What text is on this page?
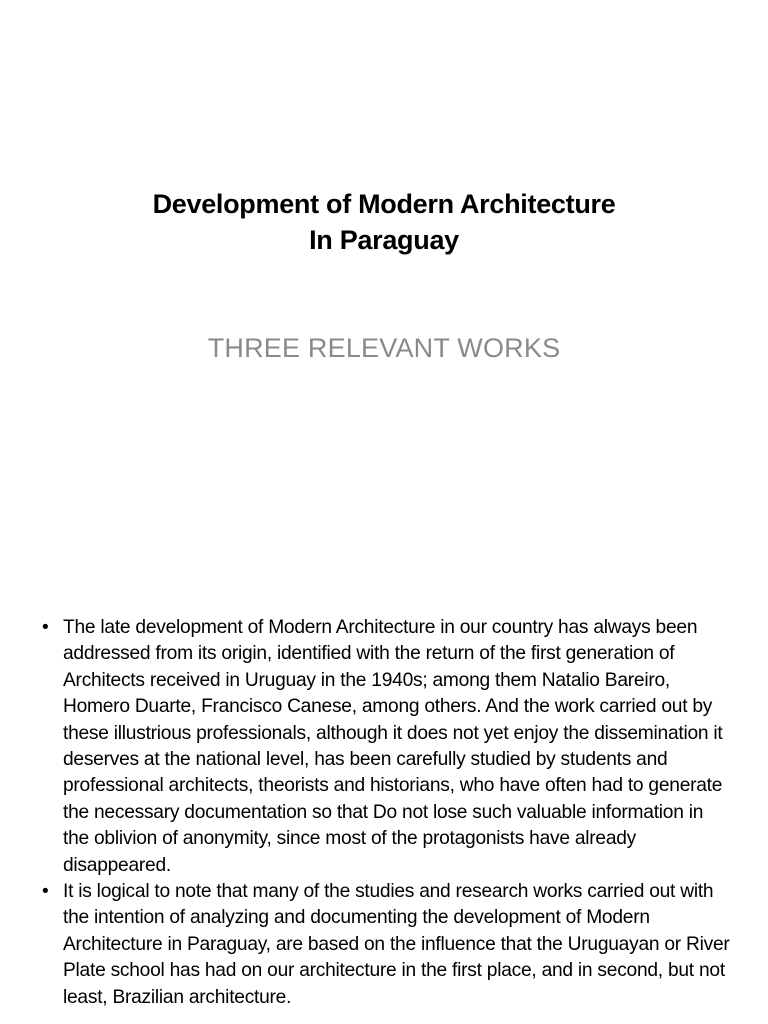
Development of Modern Architecture
In Paraguay
THREE RELEVANT WORKS
• The late development of Modern Architecture in our country has always been addressed from its origin, identified with the return of the first generation of Architects received in Uruguay in the 1940s; among them Natalio Bareiro, Homero Duarte, Francisco Canese, among others. And the work carried out by these illustrious professionals, although it does not yet enjoy the dissemination it deserves at the national level, has been carefully studied by students and professional architects, theorists and historians, who have often had to generate the necessary documentation so that Do not lose such valuable information in the oblivion of anonymity, since most of the protagonists have already disappeared.
• It is logical to note that many of the studies and research works carried out with the intention of analyzing and documenting the development of Modern Architecture in Paraguay, are based on the influence that the Uruguayan or River Plate school has had on our architecture in the first place, and in second, but not least, Brazilian architecture.
